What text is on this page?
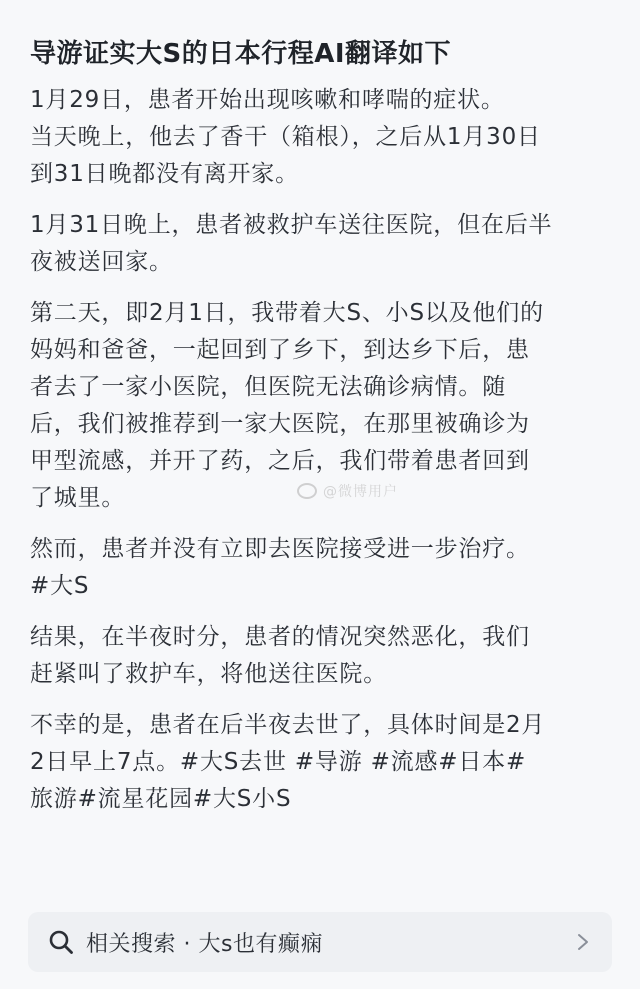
导游证实大S的日本行程AI翻译如下

1月29日，患者开始出现咳嗽和哮喘的症状。
当天晚上，他去了香干（箱根），之后从1月30日
到31日晚都没有离开家。

1月31日晚上，患者被救护车送往医院，但在后半
夜被送回家。

第二天，即2月1日，我带着大S、小S以及他们的
妈妈和爸爸，一起回到了乡下，到达乡下后，患
者去了一家小医院，但医院无法确诊病情。随
后，我们被推荐到一家大医院，在那里被确诊为
甲型流感，并开了药，之后，我们带着患者回到
了城里。

然而，患者并没有立即去医院接受进一步治疗。
#大S

结果，在半夜时分，患者的情况突然恶化，我们
赶紧叫了救护车，将他送往医院。

不幸的是，患者在后半夜去世了，具体时间是2月
2日早上7点。#大S去世 #导游 #流感#日本#
旅游#流星花园#大S小S

@微博用户
相关搜索 · 大s也有癫痫
